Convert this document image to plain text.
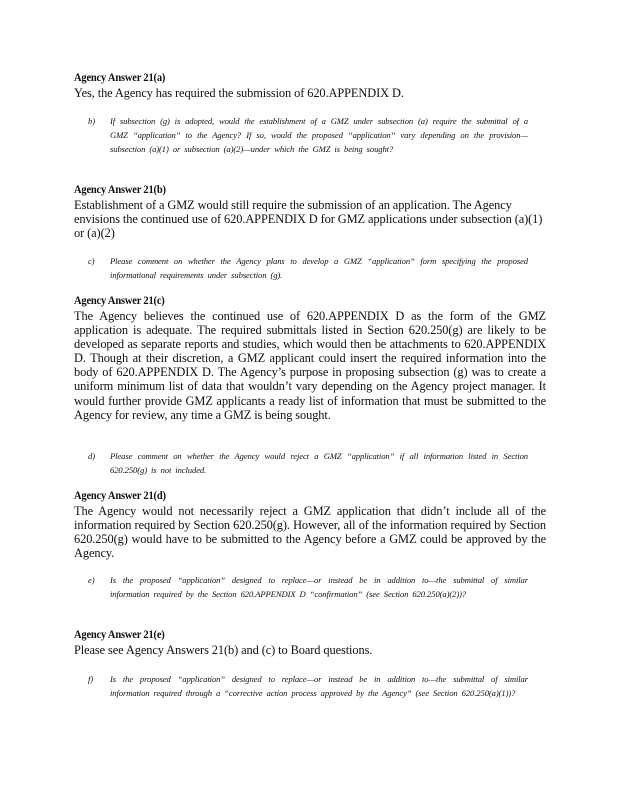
Agency Answer 21(a)
Yes, the Agency has required the submission of 620.APPENDIX D.
b)	If subsection (g) is adopted, would the establishment of a GMZ under subsection (a) require the submittal of a GMZ “application” to the Agency? If so, would the proposed “application” vary depending on the provision—subsection (a)(1) or subsection (a)(2)—under which the GMZ is being sought?
Agency Answer 21(b)
Establishment of a GMZ would still require the submission of an application. The Agency envisions the continued use of 620.APPENDIX D for GMZ applications under subsection (a)(1) or (a)(2)
c)	Please comment on whether the Agency plans to develop a GMZ “application” form specifying the proposed informational requirements under subsection (g).
Agency Answer 21(c)
The Agency believes the continued use of 620.APPENDIX D as the form of the GMZ application is adequate. The required submittals listed in Section 620.250(g) are likely to be developed as separate reports and studies, which would then be attachments to 620.APPENDIX D. Though at their discretion, a GMZ applicant could insert the required information into the body of 620.APPENDIX D. The Agency’s purpose in proposing subsection (g) was to create a uniform minimum list of data that wouldn’t vary depending on the Agency project manager. It would further provide GMZ applicants a ready list of information that must be submitted to the Agency for review, any time a GMZ is being sought.
d)	Please comment on whether the Agency would reject a GMZ “application” if all information listed in Section 620.250(g) is not included.
Agency Answer 21(d)
The Agency would not necessarily reject a GMZ application that didn’t include all of the information required by Section 620.250(g). However, all of the information required by Section 620.250(g) would have to be submitted to the Agency before a GMZ could be approved by the Agency.
e)	Is the proposed “application” designed to replace—or instead be in addition to—the submittal of similar information required by the Section 620.APPENDIX D “confirmation” (see Section 620.250(a)(2))?
Agency Answer 21(e)
Please see Agency Answers 21(b) and (c) to Board questions.
f)	Is the proposed “application” designed to replace—or instead be in addition to—the submittal of similar information required through a “corrective action process approved by the Agency” (see Section 620.250(a)(1))?
